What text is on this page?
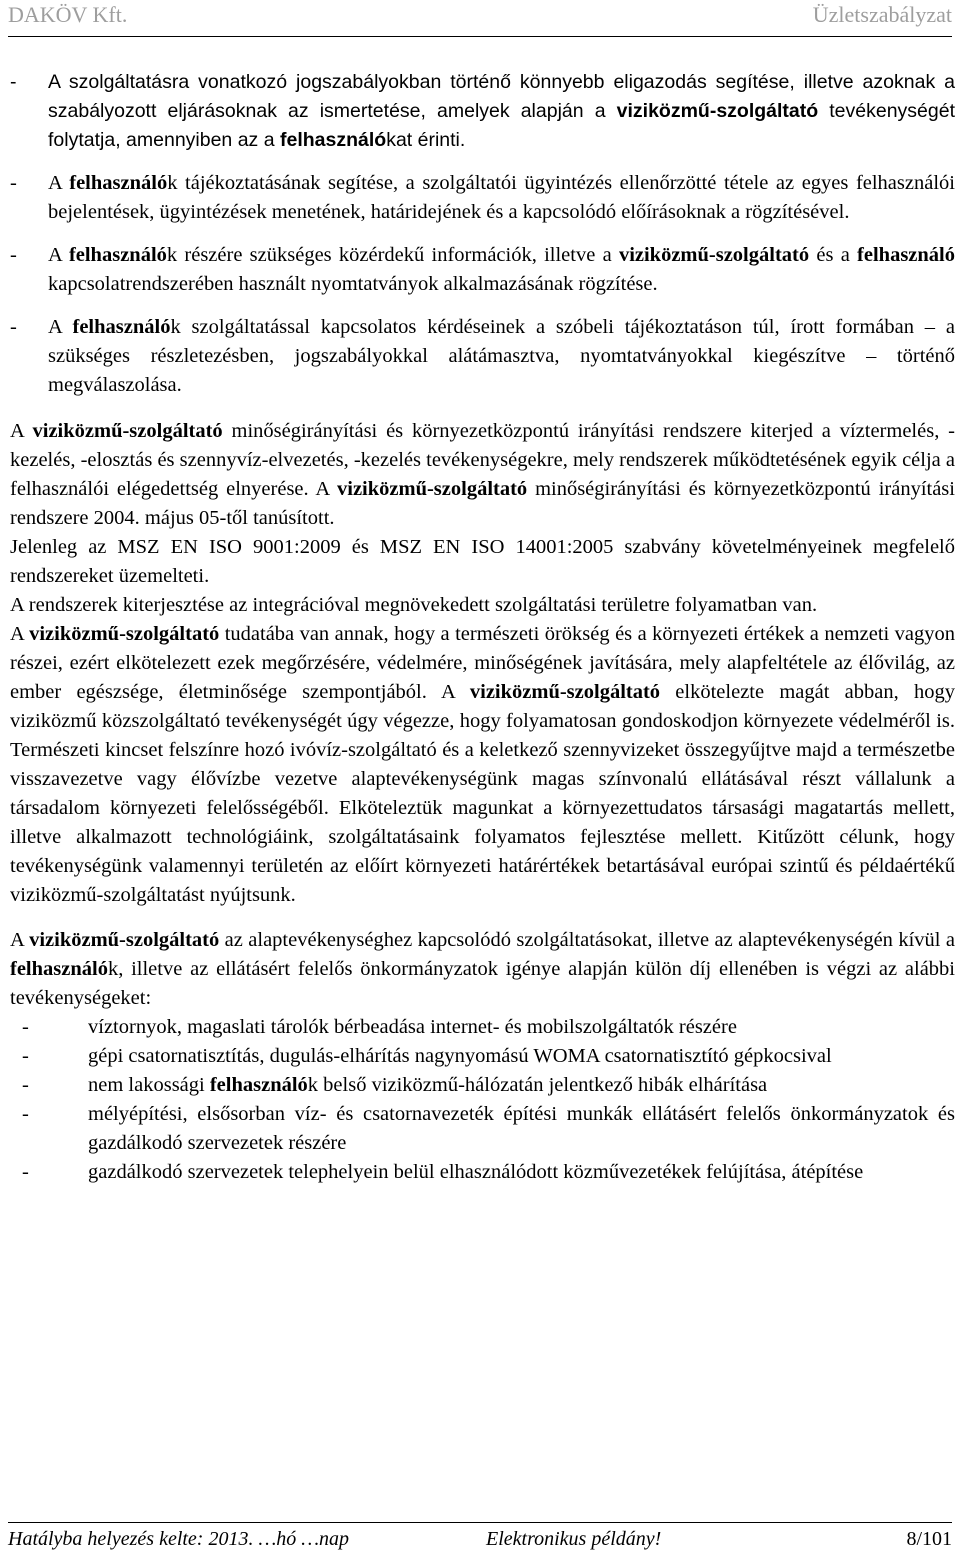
DAKÖV Kft.	Üzletszabályzat
- A szolgáltatásra vonatkozó jogszabályokban történő könnyebb eligazodás segítése, illetve azoknak a szabályozott eljárásoknak az ismertetése, amelyek alapján a viziközmű-szolgáltató tevékenységét folytatja, amennyiben az a felhasználókat érinti.
- A felhasználók tájékoztatásának segítése, a szolgáltatói ügyintézés ellenőrzötté tétele az egyes felhasználói bejelentések, ügyintézések menetének, határidejének és a kapcsolódó előírásoknak a rögzítésével.
- A felhasználók részére szükséges közérdekű információk, illetve a viziközmű-szolgáltató és a felhasználó kapcsolatrendszerében használt nyomtatványok alkalmazásának rögzítése.
- A felhasználók szolgáltatással kapcsolatos kérdéseinek a szóbeli tájékoztatáson túl, írott formában – a szükséges részletezésben, jogszabályokkal alátámasztva, nyomtatványokkal kiegészítve – történő megválaszolása.

A viziközmű-szolgáltató minőségirányítási és környezetközpontú irányítási rendszere kiterjed a víztermelés, -kezelés, -elosztás és szennyvíz-elvezetés, -kezelés tevékenységekre, mely rendszerek működtetésének egyik célja a felhasználói elégedettség elnyerése. A viziközmű-szolgáltató minőségirányítási és környezetközpontú irányítási rendszere 2004. május 05-től tanúsított.

Jelenleg az MSZ EN ISO 9001:2009 és MSZ EN ISO 14001:2005 szabvány követelményeinek megfelelő rendszereket üzemelteti.

A rendszerek kiterjesztése az integrációval megnövekedett szolgáltatási területre folyamatban van.

A viziközmű-szolgáltató tudatába van annak, hogy a természeti örökség és a környezeti értékek a nemzeti vagyon részei, ezért elkötelezett ezek megőrzésére, védelmére, minőségének javítására, mely alapfeltétele az élővilág, az ember egészsége, életminősége szempontjából. A viziközmű-szolgáltató elkötelezte magát abban, hogy viziközmű közszolgáltató tevékenységét úgy végezze, hogy folyamatosan gondoskodjon környezete védelméről is. Természeti kincset felszínre hozó ivóvíz-szolgáltató és a keletkező szennyvizeket összegyűjtve majd a természetbe visszavezetve vagy élővízbe vezetve alaptevékenységünk magas színvonalú ellátásával részt vállalunk a társadalom környezeti felelősségéből. Elköteleztük magunkat a környezettudatos társasági magatartás mellett, illetve alkalmazott technológiáink, szolgáltatásaink folyamatos fejlesztése mellett. Kitűzött célunk, hogy tevékenységünk valamennyi területén az előírt környezeti határértékek betartásával európai szintű és példaértékű viziközmű-szolgáltatást nyújtsunk.

A viziközmű-szolgáltató az alaptevékenységhez kapcsolódó szolgáltatásokat, illetve az alaptevékenységén kívül a felhasználók, illetve az ellátásért felelős önkormányzatok igénye alapján külön díj ellenében is végzi az alábbi tevékenységeket:

-	víztornyok, magaslati tárolók bérbeadása internet- és mobilszolgáltatók részére
-	gépi csatornatisztítás, dugulás-elhárítás nagynyomású WOMA csatornatisztító gépkocsival
-	nem lakossági felhasználók belső viziközmű-hálózatán jelentkező hibák elhárítása
-	mélyépítési, elsősorban víz- és csatornavezeték építési munkák ellátásért felelős önkormányzatok és gazdálkodó szervezetek részére
-	gazdálkodó szervezetek telephelyein belül elhasználódott közművezetékek felújítása, átépítése
Hatályba helyezés kelte: 2013. …hó …nap	Elektronikus példány!	8/101
